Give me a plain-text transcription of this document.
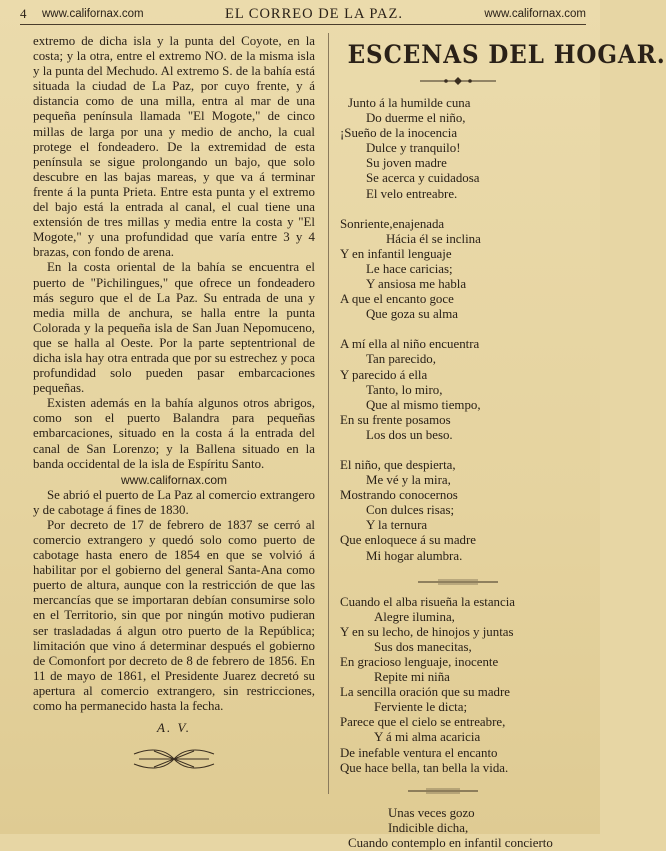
4	www.californax.com	EL CORREO DE LA PAZ.	www.californax.com

extremo de dicha isla y la punta del Coyote, en la costa; y la otra, entre el extremo NO. de la misma isla y la punta del Mechudo. Al extremo S. de la bahía está situada la ciudad de La Paz, por cuyo frente, y á distancia como de una milla, entra al mar de una pequeña península llamada "El Mogote," de cinco millas de larga por una y medio de ancho, la cual protege el fondeadero. De la extremidad de esta península se sigue prolongando un bajo, que solo descubre en las bajas mareas, y que va á terminar frente á la punta Prieta. Entre esta punta y el extremo del bajo está la entrada al canal, el cual tiene una extensión de tres millas y media entre la costa y "El Mogote," y una profundidad que varía entre 3 y 4 brazas, con fondo de arena.

En la costa oriental de la bahía se encuentra el puerto de "Pichilingues," que ofrece un fondeadero más seguro que el de La Paz. Su entrada de una y media milla de anchura, se halla entre la punta Colorada y la pequeña isla de San Juan Nepomuceno, que se halla al Oeste. Por la parte septentrional de dicha isla hay otra entrada que por su estrechez y poca profundidad solo pueden pasar embarcaciones pequeñas.

Existen además en la bahía algunos otros abrigos, como son el puerto Balandra para pequeñas embarcaciones, situado en la costa á la entrada del canal de San Lorenzo; y la Ballena situado en la banda occidental de la isla de Espíritu Santo.

www.californax.com

Se abrió el puerto de La Paz al comercio extrangero y de cabotage á fines de 1830.

Por decreto de 17 de febrero de 1837 se cerró al comercio extrangero y quedó solo como puerto de cabotage hasta enero de 1854 en que se volvió á habilitar por el gobierno del general Santa-Ana como puerto de altura, aunque con la restricción de que las mercancías que se importaran debían consumirse solo en el Territorio, sin que por ningún motivo pudieran ser trasladadas á algun otro puerto de la República; limitación que vino á determinar después el gobierno de Comonfort por decreto de 8 de febrero de 1856. En 11 de mayo de 1861, el Presidente Juarez decretó su apertura al comercio extrangero, sin restricciones, como ha permanecido hasta la fecha.

A. V.
ESCENAS DEL HOGAR.
Junto á la humilde cuna
Do duerme el niño,
¡Sueño de la inocencia
Dulce y tranquilo!
Su joven madre
Se acerca y cuidadosa
El velo entreabre.
Sonriente,enajenada
Hácia él se inclina
Y en infantil lenguaje
Le hace caricias;
Y ansiosa me habla
A que el encanto goce
Que goza su alma
A mí ella al niño encuentra
Tan parecido,
Y parecido á ella
Tanto, lo miro,
Que al mismo tiempo,
En su frente posamos
Los dos un beso.
El niño, que despierta,
Me vé y la mira,
Mostrando conocernos
Con dulces risas;
Y la ternura
Que enloquece á su madre
Mi hogar alumbra.
Cuando el alba risueña la estancia
Alegre ilumina,
Y en su lecho, de hinojos y juntas
Sus dos manecitas,
En gracioso lenguaje, inocente
Repite mi niña
La sencilla oración que su madre
Ferviente le dicta;
Parece que el cielo se entreabre,
Y á mi alma acaricia
De inefable ventura el encanto
Que hace bella, tan bella la vida.
Unas veces gozo
Indicible dicha,
Cuando contemplo en infantil concierto
